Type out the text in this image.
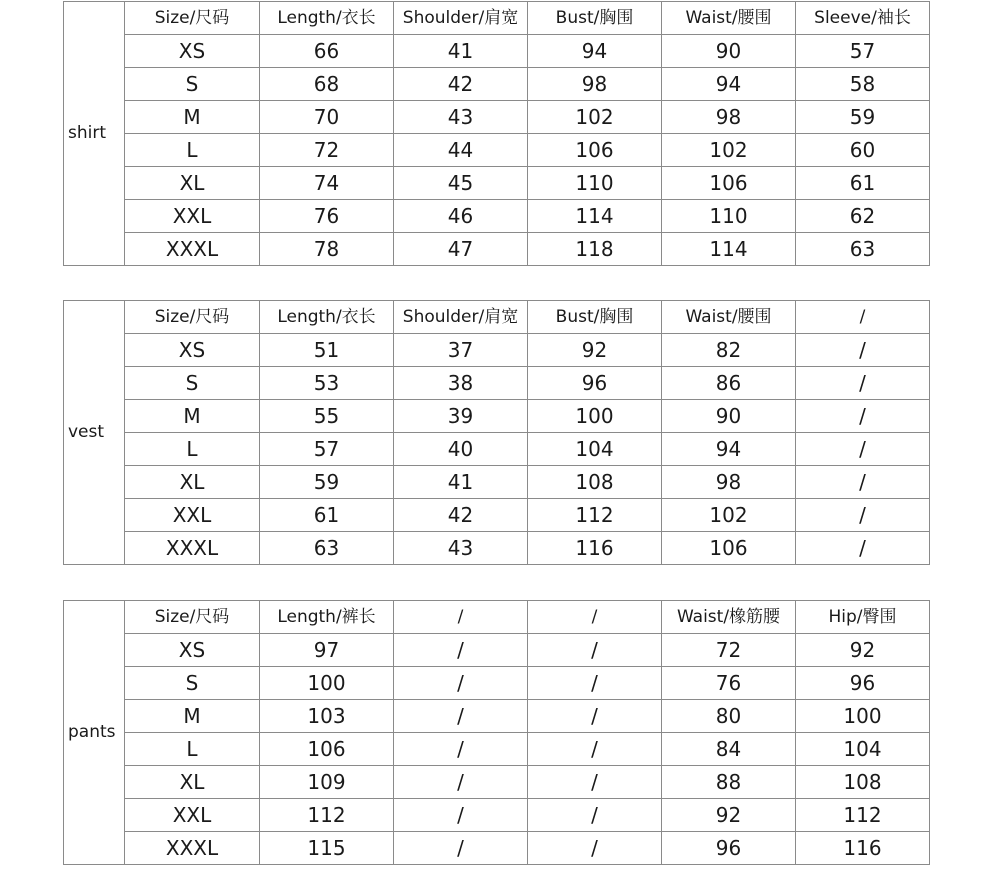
shirt	Size/尺码	Length/衣长	Shoulder/肩宽	Bust/胸围	Waist/腰围	Sleeve/袖长
	XS	66	41	94	90	57
	S	68	42	98	94	58
	M	70	43	102	98	59
	L	72	44	106	102	60
	XL	74	45	110	106	61
	XXL	76	46	114	110	62
	XXXL	78	47	118	114	63
vest	Size/尺码	Length/衣长	Shoulder/肩宽	Bust/胸围	Waist/腰围	/
	XS	51	37	92	82	/
	S	53	38	96	86	/
	M	55	39	100	90	/
	L	57	40	104	94	/
	XL	59	41	108	98	/
	XXL	61	42	112	102	/
	XXXL	63	43	116	106	/
pants	Size/尺码	Length/裤长	/	/	Waist/橡筋腰	Hip/臀围
	XS	97	/	/	72	92
	S	100	/	/	76	96
	M	103	/	/	80	100
	L	106	/	/	84	104
	XL	109	/	/	88	108
	XXL	112	/	/	92	112
	XXXL	115	/	/	96	116
